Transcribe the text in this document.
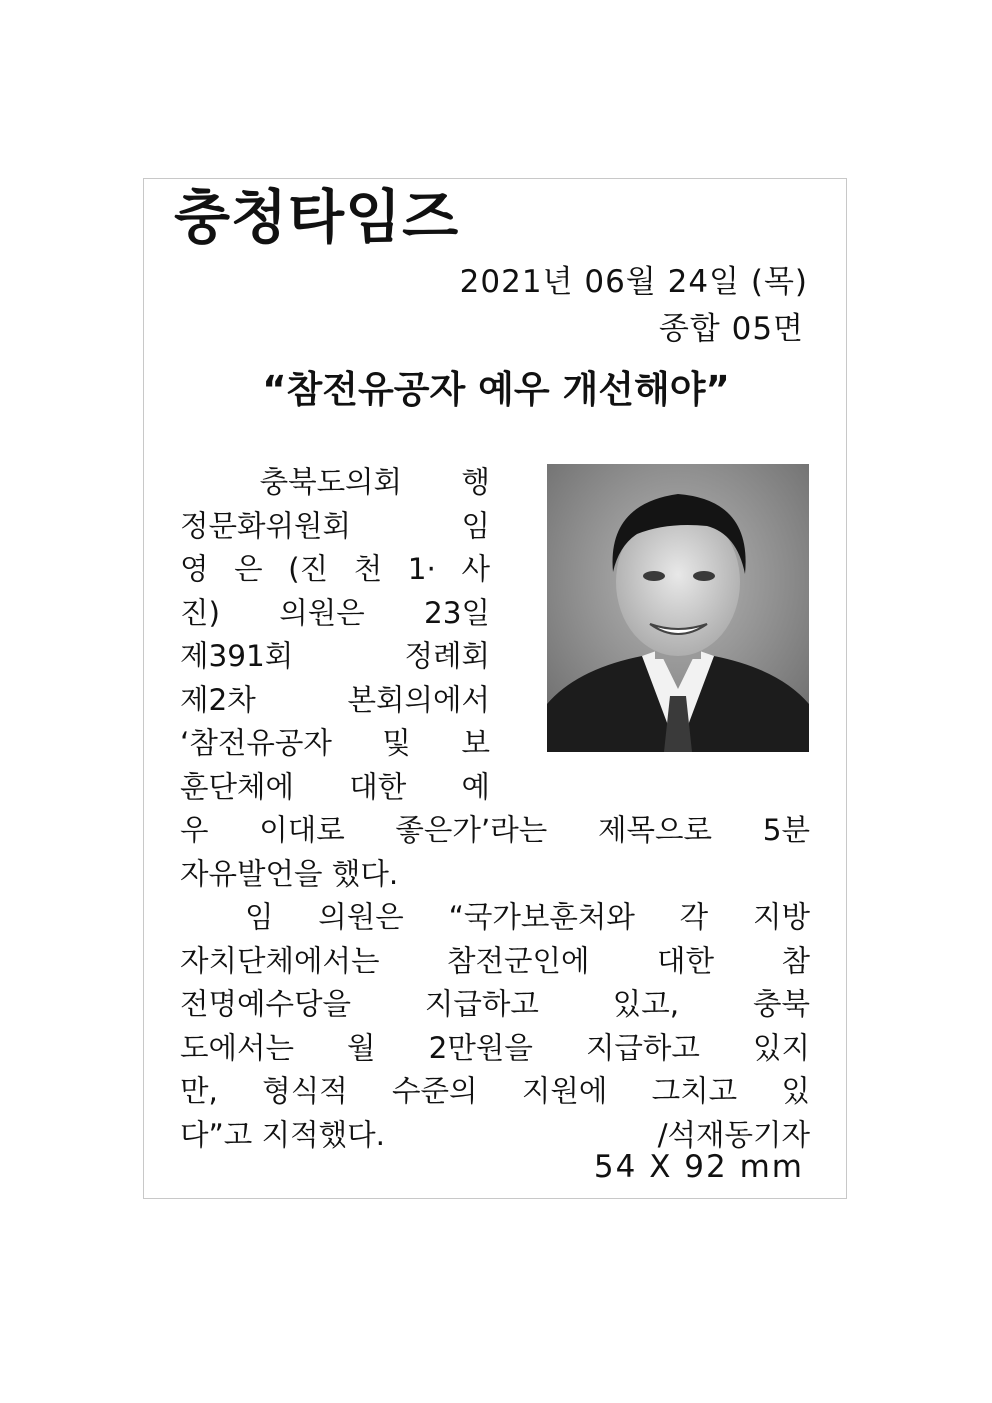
충청타임즈
2021년 06월 24일 (목)
종합 05면
“참전유공자 예우 개선해야”
　충북도의회 행
정문화위원회 임
영 은 (진 천 1· 사
진) 의원은 23일
제391회 　정례회
제2차 본회의에서
‘참전유공자 및 보
훈단체에 대한 예
우 이대로 좋은가’라는 제목으로 5분
자유발언을 했다.
　임 의원은 “국가보훈처와 각 지방
자치단체에서는 참전군인에 대한 참
전명예수당을 지급하고 있고, 충북
도에서는 월 2만원을 지급하고 있지
만, 형식적 수준의 지원에 그치고 있
다”고 지적했다.	/석재동기자
54 X 92 mm
